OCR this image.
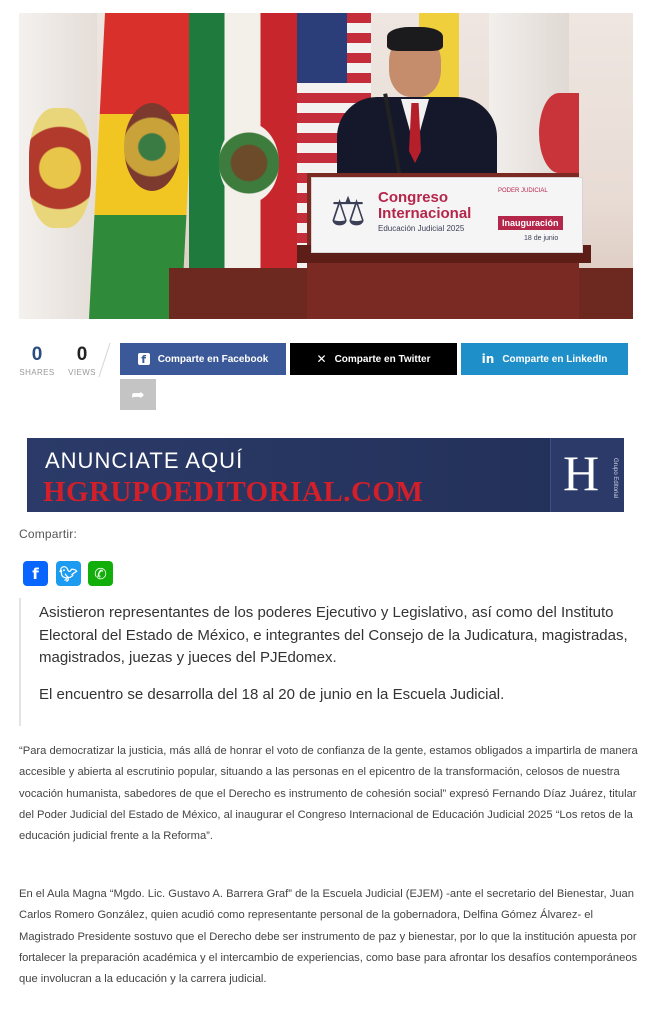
⚖ Congreso
Internacional
Educación Judicial 2025
PODER JUDICIAL
Inauguración
18 de junio
0
SHARES
0
VIEWS
f	Comparte en Facebook	✕ Comparte en Twitter	in Comparte en LinkedIn
➦
ANUNCIATE AQUÍ
HGRUPOEDITORIAL.COM	H Grupo Editorial
Compartir:
f	🐦︎	✆

Asistieron representantes de los poderes Ejecutivo y Legislativo, así como del Instituto Electoral del Estado de México, e integrantes del Consejo de la Judicatura, magistradas, magistrados, juezas y jueces del PJEdomex.

El encuentro se desarrolla del 18 al 20 de junio en la Escuela Judicial.

“Para democratizar la justicia, más allá de honrar el voto de confianza de la gente, estamos obligados a impartirla de manera accesible y abierta al escrutinio popular, situando a las personas en el epicentro de la transformación, celosos de nuestra vocación humanista, sabedores de que el Derecho es instrumento de cohesión social” expresó Fernando Díaz Juárez, titular del Poder Judicial del Estado de México, al inaugurar el Congreso Internacional de Educación Judicial 2025 “Los retos de la educación judicial frente a la Reforma”.

En el Aula Magna “Mgdo. Lic. Gustavo A. Barrera Graf” de la Escuela Judicial (EJEM) -ante el secretario del Bienestar, Juan Carlos Romero González, quien acudió como representante personal de la gobernadora, Delfina Gómez Álvarez- el Magistrado Presidente sostuvo que el Derecho debe ser instrumento de paz y bienestar, por lo que la institución apuesta por fortalecer la preparación académica y el intercambio de experiencias, como base para afrontar los desafíos contemporáneos que involucran a la educación y la carrera judicial.
